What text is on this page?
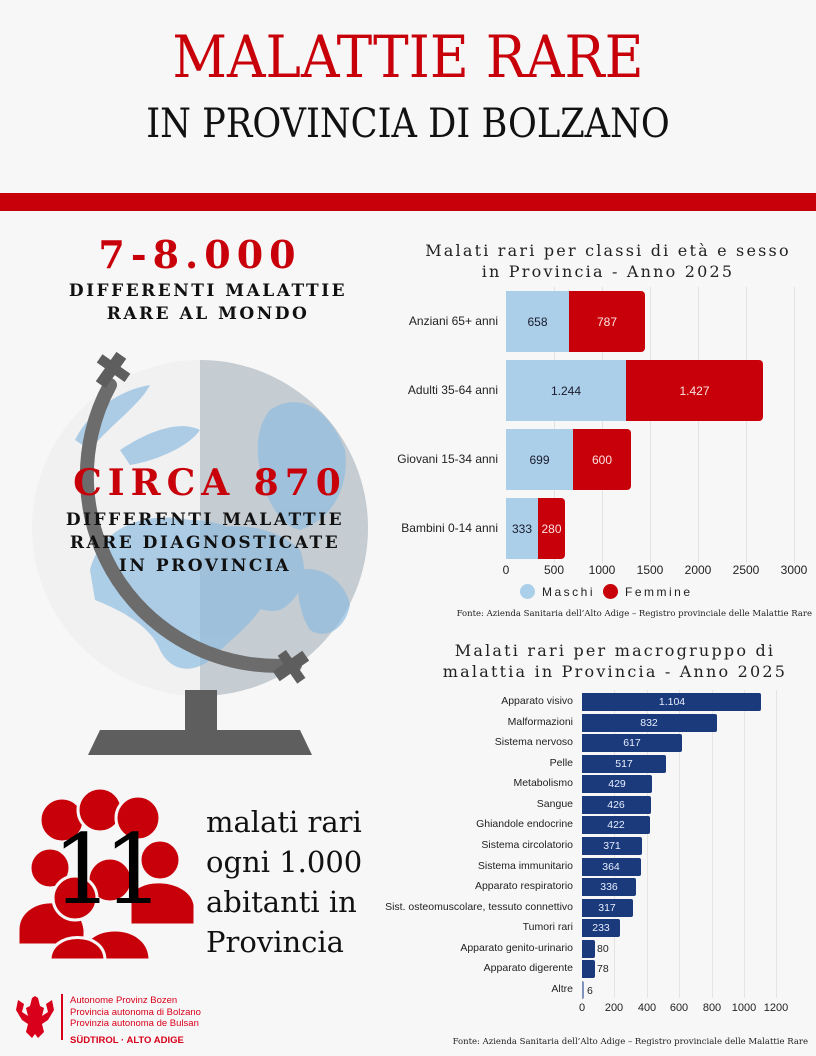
MALATTIE RARE
IN PROVINCIA DI BOLZANO
7-8.000
DIFFERENTI MALATTIE
RARE AL MONDO
CIRCA 870
DIFFERENTI MALATTIE
RARE DIAGNOSTICATE
IN PROVINCIA
11 malati rari
ogni 1.000
abitanti in
Provincia
Autonome Provinz Bozen
Provincia autonoma di Bolzano
Provinzia autonoma de Bulsan
SÜDTIROL · ALTO ADIGE
Malati rari per classi di età e sesso
in Provincia - Anno 2025
Anziani 65+ anni	658	787
Adulti 35-64 anni	1.244	1.427
Giovani 15-34 anni	699	600
Bambini 0-14 anni	333 280
0	500 1000 1500 2000 2500 3000
Maschi	Femmine
Fonte: Azienda Sanitaria dell’Alto Adige – Registro provinciale delle Malattie Rare
Malati rari per macrogruppo di
malattia in Provincia - Anno 2025
Apparato visivo	1.104
Malformazioni	832
Sistema nervoso	617
Pelle	517
Metabolismo	429
Sangue	426
Ghiandole endocrine	422
Sistema circolatorio	371
Sistema immunitario	364
Apparato respiratorio	336
Sist. osteomuscolare, tessuto connettivo 317
Tumori rari 233
Apparato genito-urinario 80
Apparato digerente 78
Altre 6
0 200 400 600 800 1000 1200
Fonte: Azienda Sanitaria dell’Alto Adige – Registro provinciale delle Malattie Rare
